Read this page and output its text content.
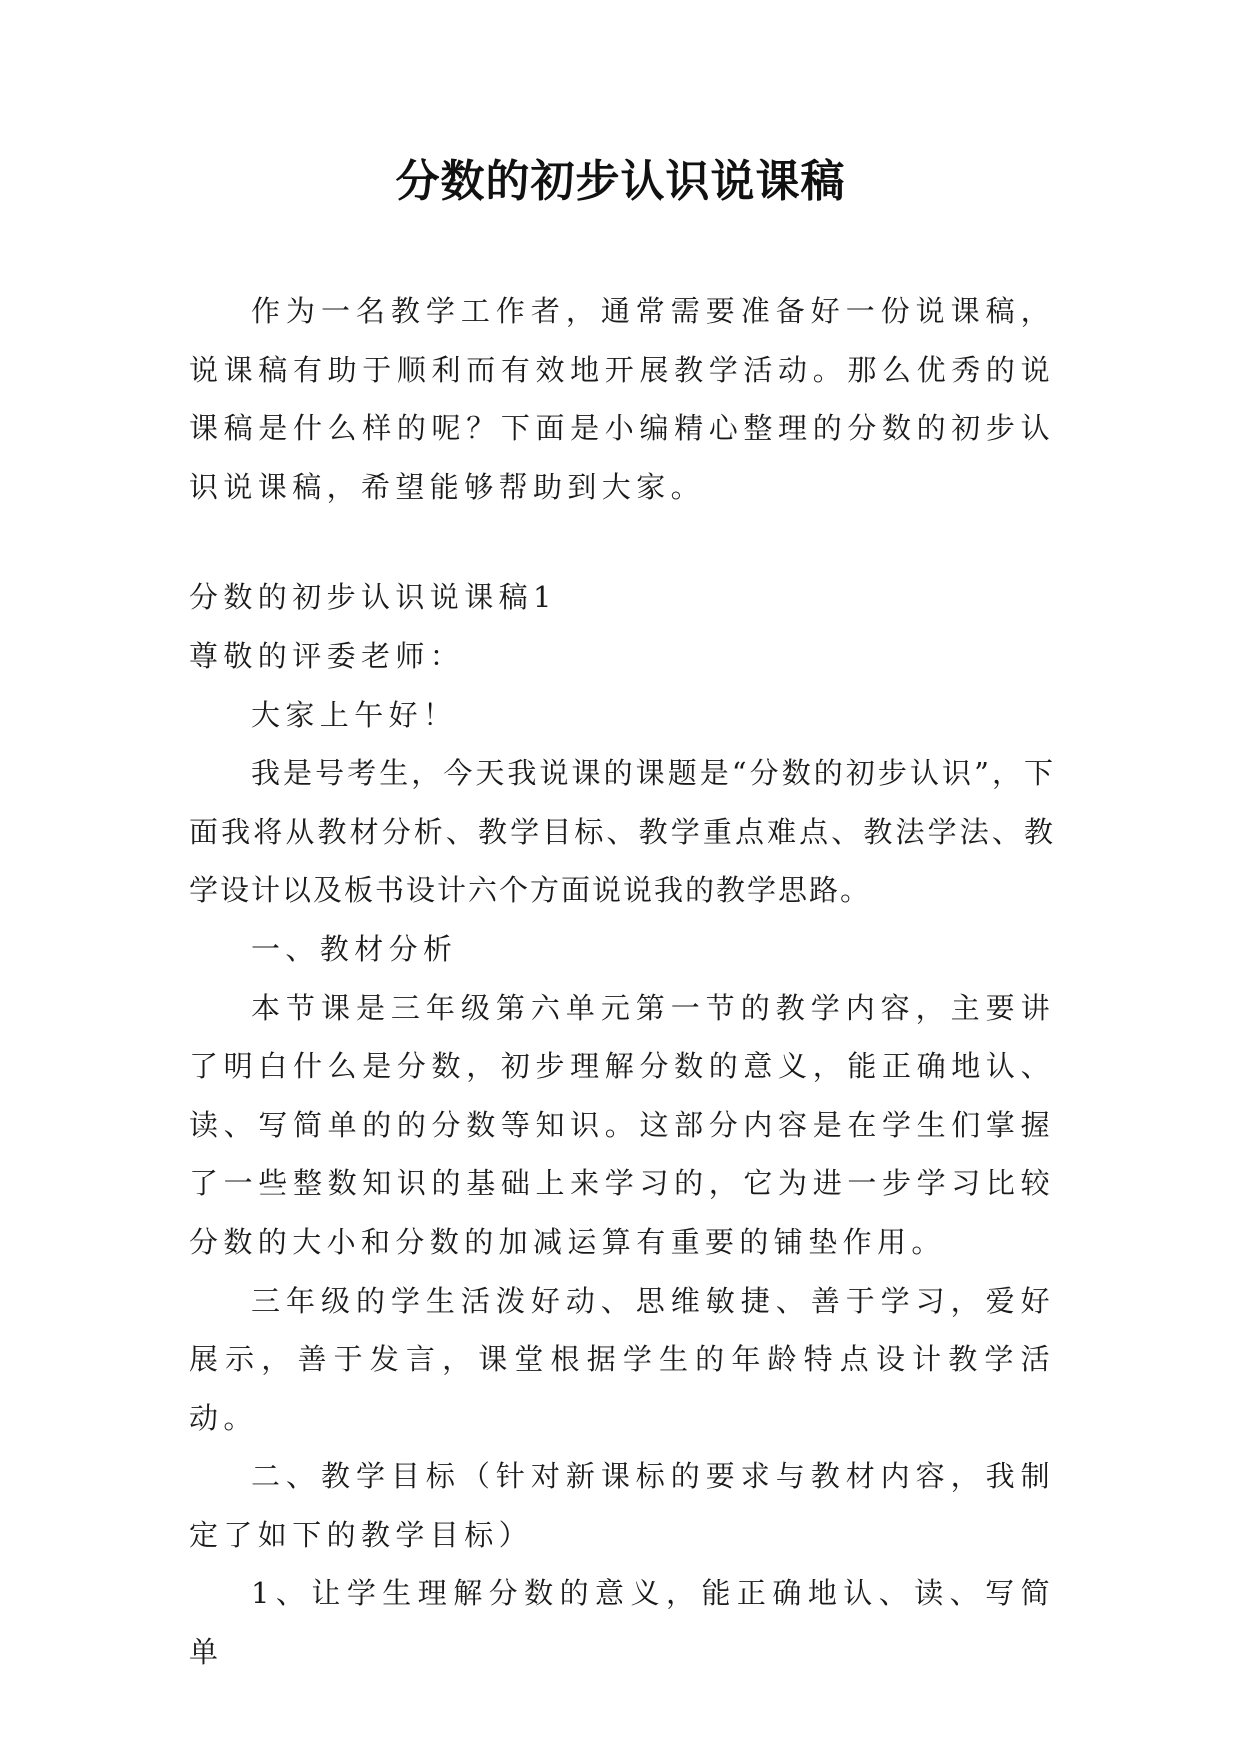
分数的初步认识说课稿

作为一名教学工作者，通常需要准备好一份说课稿，说课稿有助于顺利而有效地开展教学活动。那么优秀的说课稿是什么样的呢？下面是小编精心整理的分数的初步认识说课稿，希望能够帮助到大家。

分数的初步认识说课稿1

尊敬的评委老师：

大家上午好！

我是号考生，今天我说课的课题是“分数的初步认识”，下面我将从教材分析、教学目标、教学重点难点、教法学法、教学设计以及板书设计六个方面说说我的教学思路。

一、教材分析

本节课是三年级第六单元第一节的教学内容，主要讲了明白什么是分数，初步理解分数的意义，能正确地认、读、写简单的的分数等知识。这部分内容是在学生们掌握了一些整数知识的基础上来学习的，它为进一步学习比较分数的大小和分数的加减运算有重要的铺垫作用。

三年级的学生活泼好动、思维敏捷、善于学习，爱好展示，善于发言，课堂根据学生的年龄特点设计教学活动。

二、教学目标（针对新课标的要求与教材内容，我制定了如下的教学目标）

1、让学生理解分数的意义，能正确地认、读、写简单
